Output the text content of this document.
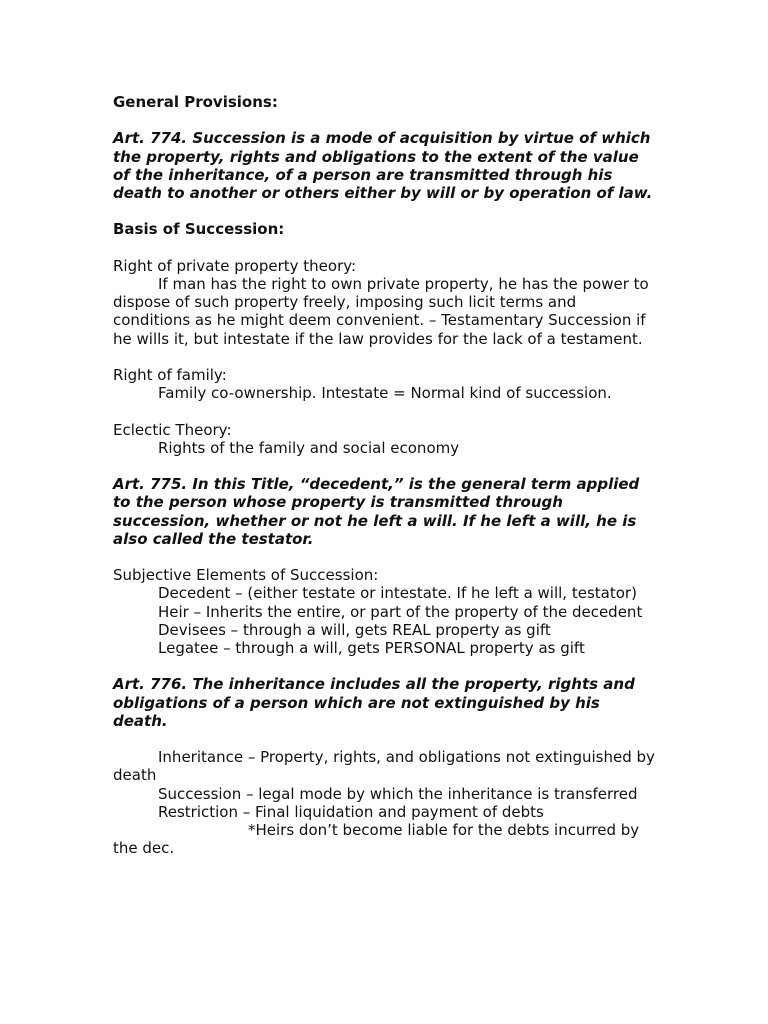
General Provisions:

Art. 774. Succession is a mode of acquisition by virtue of which the property, rights and obligations to the extent of the value of the inheritance, of a person are transmitted through his death to another or others either by will or by operation of law.

Basis of Succession:

Right of private property theory:

If man has the right to own private property, he has the power to dispose of such property freely, imposing such licit terms and conditions as he might deem convenient. – Testamentary Succession if he wills it, but intestate if the law provides for the lack of a testament.

Right of family:

Family co-ownership. Intestate = Normal kind of succession.

Eclectic Theory:

Rights of the family and social economy

Art. 775. In this Title, “decedent,” is the general term applied to the person whose property is transmitted through succession, whether or not he left a will. If he left a will, he is also called the testator.

Subjective Elements of Succession:

Decedent – (either testate or intestate. If he left a will, testator)

Heir – Inherits the entire, or part of the property of the decedent

Devisees – through a will, gets REAL property as gift

Legatee – through a will, gets PERSONAL property as gift

Art. 776. The inheritance includes all the property, rights and obligations of a person which are not extinguished by his death.

Inheritance – Property, rights, and obligations not extinguished by death

Succession – legal mode by which the inheritance is transferred

Restriction – Final liquidation and payment of debts

*Heirs don’t become liable for the debts incurred by the dec.
